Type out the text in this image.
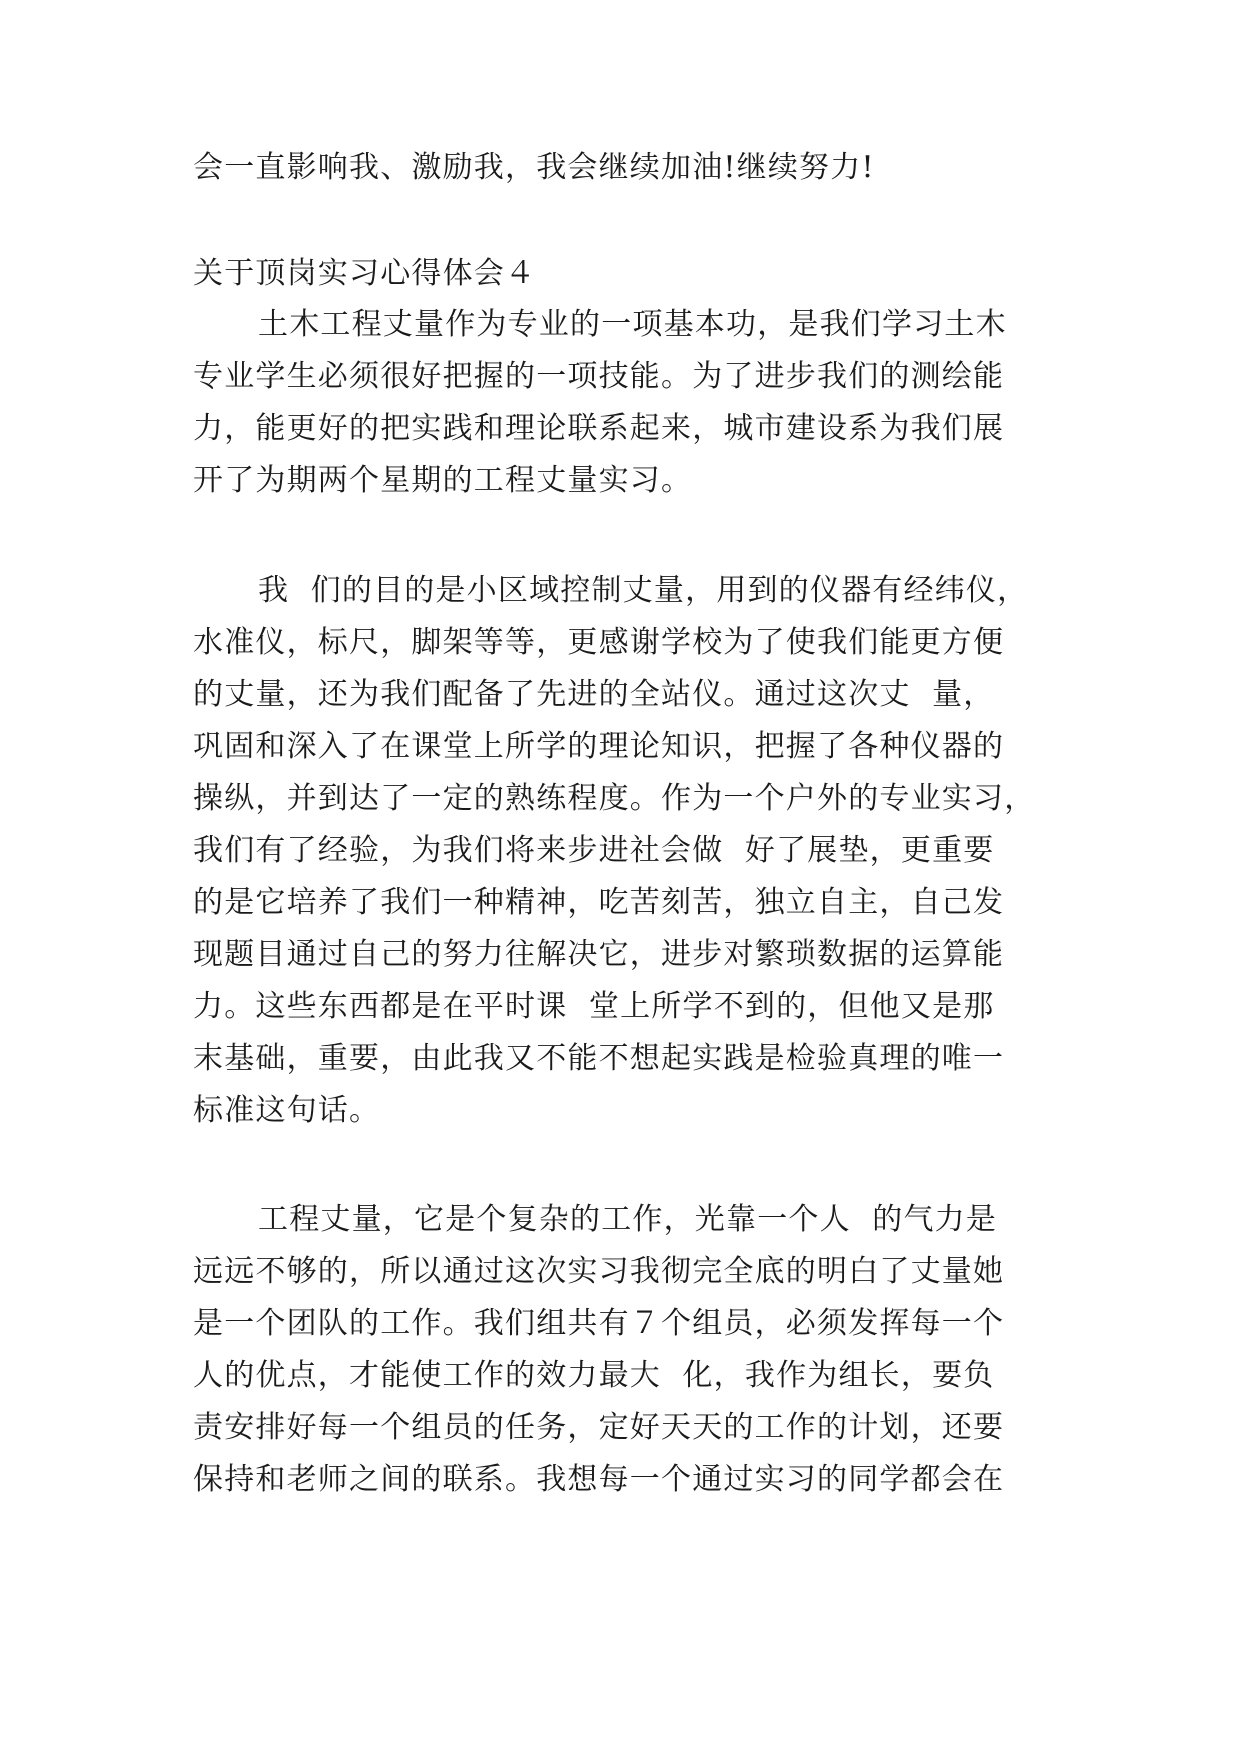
会一直影响我、激励我，我会继续加油!继续努力!
关于顶岗实习心得体会４
土木工程丈量作为专业的一项基本功，是我们学习土木
专业学生必须很好把握的一项技能。为了进步我们的测绘能
力，能更好的把实践和理论联系起来，城市建设系为我们展
开了为期两个星期的工程丈量实习。
我  们的目的是小区域控制丈量，用到的仪器有经纬仪，
水准仪，标尺，脚架等等，更感谢学校为了使我们能更方便
的丈量，还为我们配备了先进的全站仪。通过这次丈  量，
巩固和深入了在课堂上所学的理论知识，把握了各种仪器的
操纵，并到达了一定的熟练程度。作为一个户外的专业实习，
我们有了经验，为我们将来步进社会做  好了展垫，更重要
的是它培养了我们一种精神，吃苦刻苦，独立自主，自己发
现题目通过自己的努力往解决它，进步对繁琐数据的运算能
力。这些东西都是在平时课  堂上所学不到的，但他又是那
末基础，重要，由此我又不能不想起实践是检验真理的唯一
标准这句话。
工程丈量，它是个复杂的工作，光靠一个人  的气力是
远远不够的，所以通过这次实习我彻完全底的明白了丈量她
是一个团队的工作。我们组共有７个组员，必须发挥每一个
人的优点，才能使工作的效力最大  化，我作为组长，要负
责安排好每一个组员的任务，定好天天的工作的计划，还要
保持和老师之间的联系。我想每一个通过实习的同学都会在
